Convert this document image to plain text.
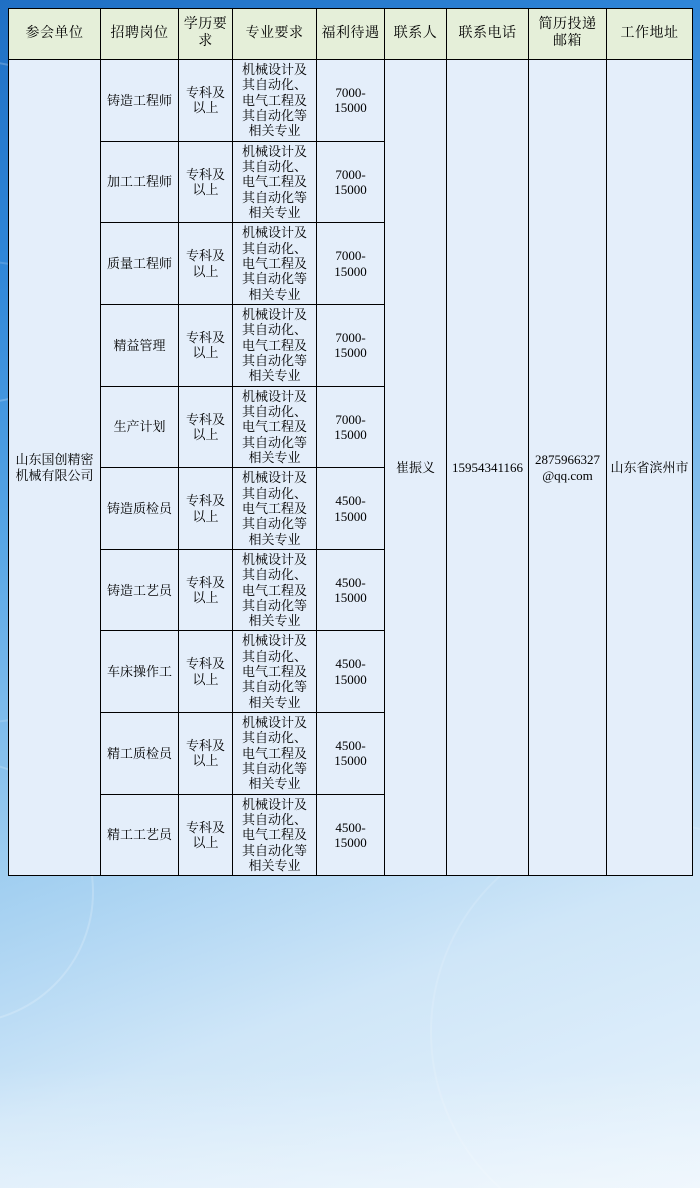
参会单位	招聘岗位	学历要求	专业要求	福利待遇	联系人	联系电话	简历投递邮箱	工作地址
山东国创精密机械有限公司	铸造工程师	专科及以上	机械设计及其自动化、电气工程及其自动化等相关专业	7000-15000	崔振义	15954341166	2875966327@qq.com	山东省滨州市
	加工工程师	专科及以上	机械设计及其自动化、电气工程及其自动化等相关专业	7000-15000				
	质量工程师	专科及以上	机械设计及其自动化、电气工程及其自动化等相关专业	7000-15000				
	精益管理	专科及以上	机械设计及其自动化、电气工程及其自动化等相关专业	7000-15000				
	生产计划	专科及以上	机械设计及其自动化、电气工程及其自动化等相关专业	7000-15000				
	铸造质检员	专科及以上	机械设计及其自动化、电气工程及其自动化等相关专业	4500-15000				
	铸造工艺员	专科及以上	机械设计及其自动化、电气工程及其自动化等相关专业	4500-15000				
	车床操作工	专科及以上	机械设计及其自动化、电气工程及其自动化等相关专业	4500-15000				
	精工质检员	专科及以上	机械设计及其自动化、电气工程及其自动化等相关专业	4500-15000				
	精工工艺员	专科及以上	机械设计及其自动化、电气工程及其自动化等相关专业	4500-15000				
